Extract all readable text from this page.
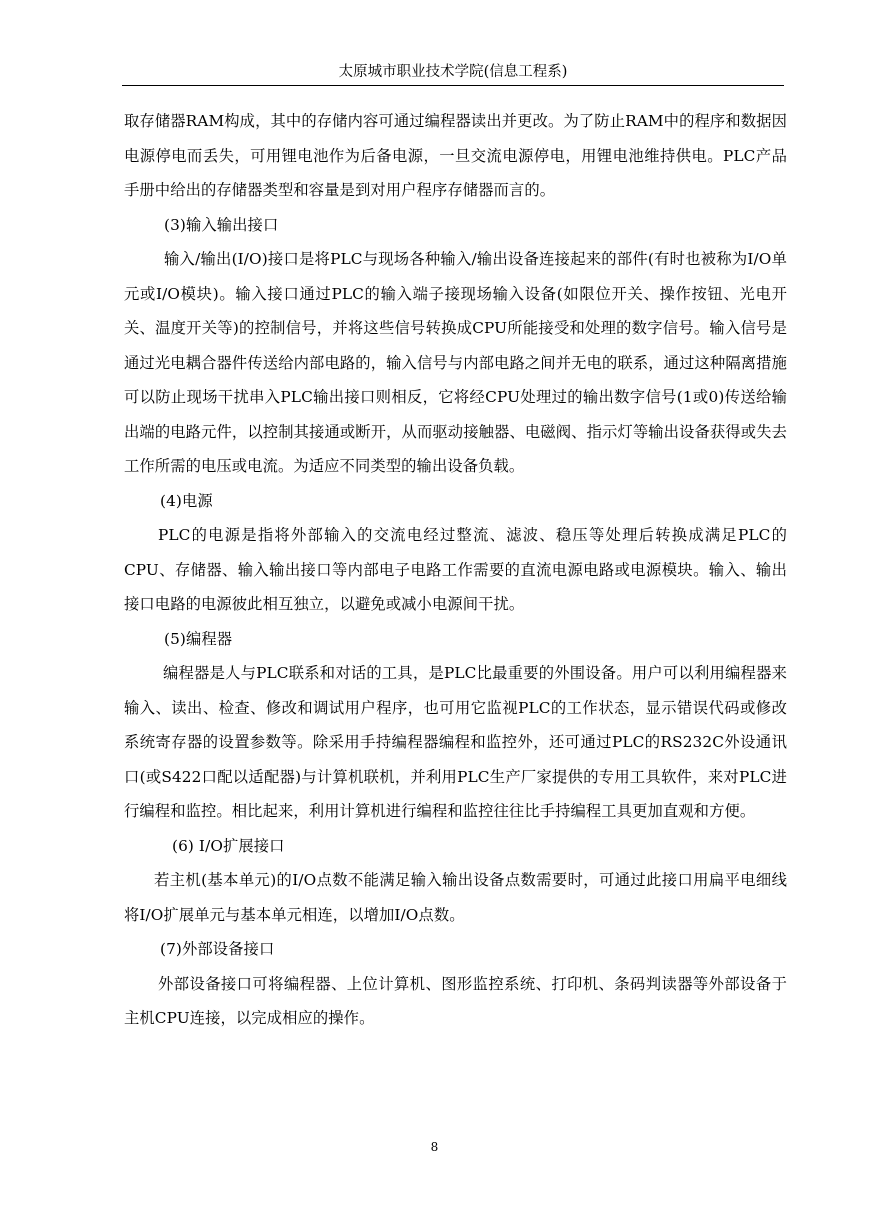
太原城市职业技术学院(信息工程系)

取存储器RAM构成，其中的存储内容可通过编程器读出并更改。为了防止RAM中的程序和数据因电源停电而丢失，可用锂电池作为后备电源，一旦交流电源停电，用锂电池维持供电。PLC产品手册中给出的存储器类型和容量是到对用户程序存储器而言的。

(3)输入输出接口

输入/输出(I/O)接口是将PLC与现场各种输入/输出设备连接起来的部件(有时也被称为I/O单元或I/O模块)。输入接口通过PLC的输入端子接现场输入设备(如限位开关、操作按钮、光电开关、温度开关等)的控制信号，并将这些信号转换成CPU所能接受和处理的数字信号。输入信号是通过光电耦合器件传送给内部电路的，输入信号与内部电路之间并无电的联系，通过这种隔离措施可以防止现场干扰串入PLC输出接口则相反，它将经CPU处理过的输出数字信号(1或0)传送给输出端的电路元件，以控制其接通或断开，从而驱动接触器、电磁阀、指示灯等输出设备获得或失去工作所需的电压或电流。为适应不同类型的输出设备负载。

(4)电源

PLC的电源是指将外部输入的交流电经过整流、滤波、稳压等处理后转换成满足PLC的CPU、存储器、输入输出接口等内部电子电路工作需要的直流电源电路或电源模块。输入、输出接口电路的电源彼此相互独立，以避免或减小电源间干扰。

(5)编程器

编程器是人与PLC联系和对话的工具，是PLC比最重要的外围设备。用户可以利用编程器来输入、读出、检查、修改和调试用户程序，也可用它监视PLC的工作状态，显示错误代码或修改系统寄存器的设置参数等。除采用手持编程器编程和监控外，还可通过PLC的RS232C外设通讯口(或S422口配以适配器)与计算机联机，并利用PLC生产厂家提供的专用工具软件，来对PLC进行编程和监控。相比起来，利用计算机进行编程和监控往往比手持编程工具更加直观和方便。

(6) I/O扩展接口

若主机(基本单元)的I/O点数不能满足输入输出设备点数需要时，可通过此接口用扁平电细线将I/O扩展单元与基本单元相连，以增加I/O点数。

(7)外部设备接口

外部设备接口可将编程器、上位计算机、图形监控系统、打印机、条码判读器等外部设备于主机CPU连接，以完成相应的操作。

8
